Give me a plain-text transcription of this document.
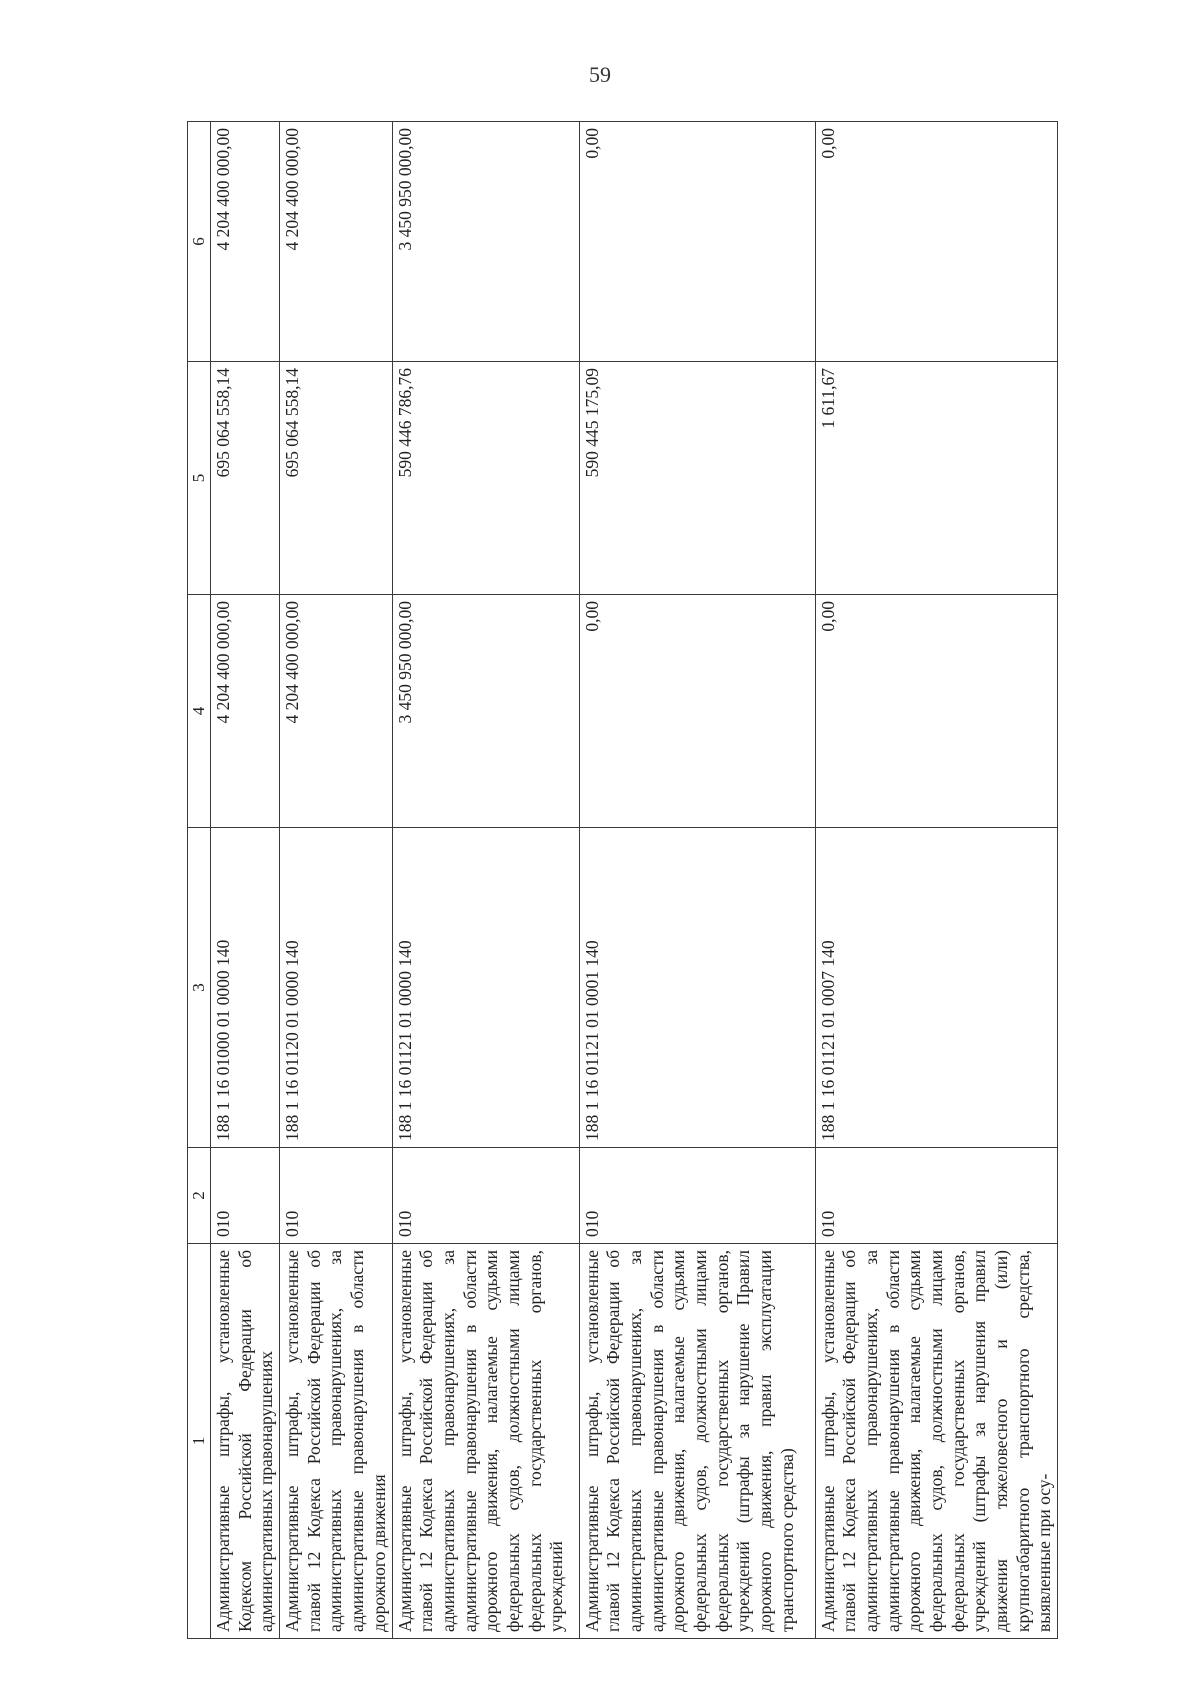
59
1	2	3	4	5	6
Административные штрафы, установленные Кодексом Российской Федерации об административных правонарушениях	010	188 1 16 01000 01 0000 140	4 204 400 000,00	695 064 558,14	4 204 400 000,00
Административные штрафы, установленные главой 12 Кодекса Российской Федерации об административных правонарушениях, за административные правонарушения в области дорожного движения	010	188 1 16 01120 01 0000 140	4 204 400 000,00	695 064 558,14	4 204 400 000,00
Административные штрафы, установленные главой 12 Кодекса Российской Федерации об административных правонарушениях, за административные правонарушения в области дорожного движения, налагаемые судьями федеральных судов, должностными лицами федеральных государственных органов, учреждений	010	188 1 16 01121 01 0000 140	3 450 950 000,00	590 446 786,76	3 450 950 000,00
Административные штрафы, установленные главой 12 Кодекса Российской Федерации об административных правонарушениях, за административные правонарушения в области дорожного движения, налагаемые судьями федеральных судов, должностными лицами федеральных государственных органов, учреждений (штрафы за нарушение Правил дорожного движения, правил эксплуатации транспортного средства)	010	188 1 16 01121 01 0001 140	0,00	590 445 175,09	0,00
Административные штрафы, установленные главой 12 Кодекса Российской Федерации об административных правонарушениях, за административные правонарушения в области дорожного движения, налагаемые судьями федеральных судов, должностными лицами федеральных государственных органов, учреждений (штрафы за нарушения правил движения тяжеловесного и (или) крупногабаритного транспортного средства, выявленные при осу-	010	188 1 16 01121 01 0007 140	0,00	1 611,67	0,00
